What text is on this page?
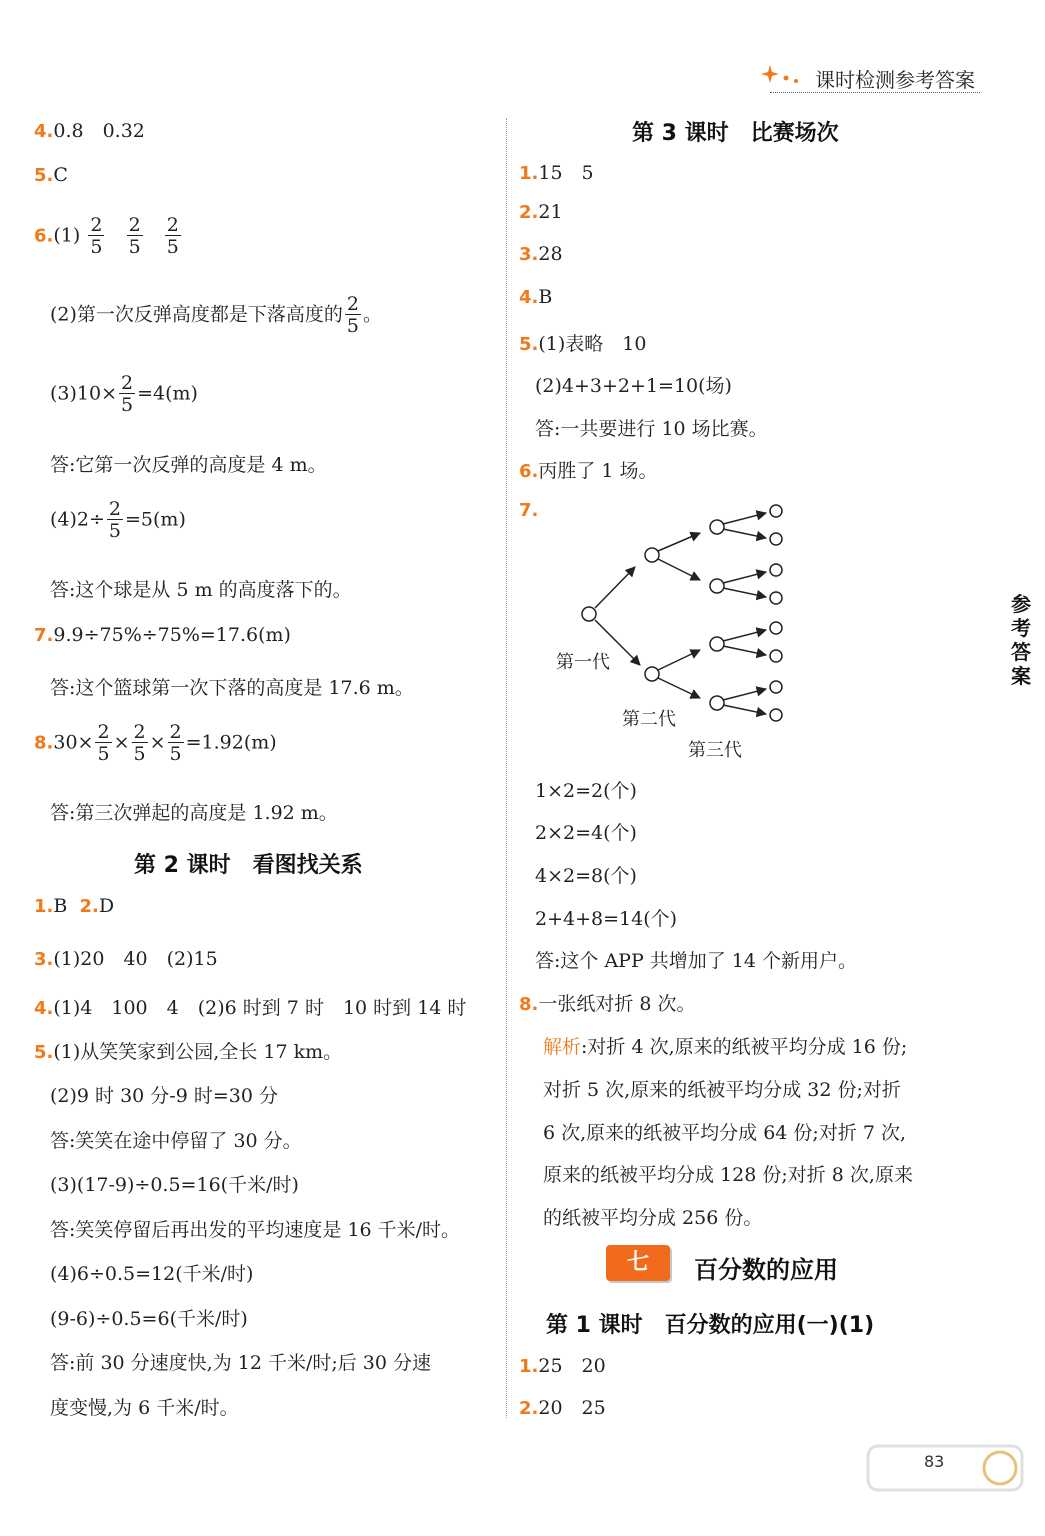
课时检测参考答案
4.0.8　0.32
5.C
$6.(1) \frac{2}{5}$
$\frac{2}{5}$
$\frac{2}{5}$
(2)第一次反弹高度都是下落高度的 $\frac{2}{5}$ 。
$(3)10\times \frac{2}{5} =4(m)$
答:它第一次反弹的高度是 4 m。
$(4)2\div \frac{2}{5} =5(m)$
答:这个球是从 5 m 的高度落下的。
7.9.9÷75%÷75%=17.6(m)
答:这个篮球第一次下落的高度是 17.6 m。
$8.30\times \frac{2}{5} \times \frac{2}{5} \times \frac{2}{5} =1.92(m)$
答:第三次弹起的高度是 1.92 m。
第 2 课时　看图找关系
1.B 2.D
3.(1)20　40　(2)15
4.(1)4　100　4　(2)6 时到 7 时　10 时到 14 时
5.(1)从笑笑家到公园,全长 17 km。
(2)9 时 30 分-9 时=30 分
答:笑笑在途中停留了 30 分。
(3)(17-9)÷0.5=16(千米/时)
答:笑笑停留后再出发的平均速度是 16 千米/时。
(4)6÷0.5=12(千米/时)
(9-6)÷0.5=6(千米/时)
答:前 30 分速度快,为 12 千米/时;后 30 分速
度变慢,为 6 千米/时。
第 3 课时　比赛场次
1.15　5
2.21
3.28
4.B
5.(1)表略　10
(2)4+3+2+1=10(场)
答:一共要进行 10 场比赛。
6.丙胜了 1 场。
7.
第一代
第二代
第三代
1×2=2(个)
2×2=4(个)
4×2=8(个)
2+4+8=14(个)
答:这个 APP 共增加了 14 个新用户。
8.一张纸对折 8 次。
解析:对折 4 次,原来的纸被平均分成 16 份;
对折 5 次,原来的纸被平均分成 32 份;对折
6 次,原来的纸被平均分成 64 份;对折 7 次,
原来的纸被平均分成 128 份;对折 8 次,原来
的纸被平均分成 256 份。
七	百分数的应用
第 1 课时　百分数的应用(一)(1)
1.25　20
2.20　25
参
考
答
案
83
